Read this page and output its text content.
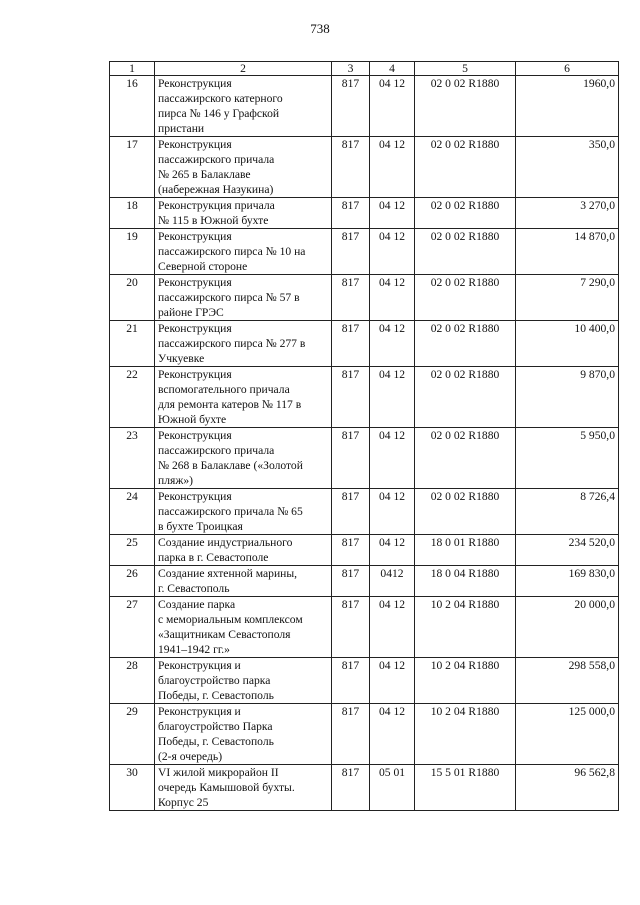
738
1	2	3	4	5	6
16	Реконструкция
пассажирского катерного
пирса № 146 у Графской
пристани	817	04 12	02 0 02 R1880	1960,0
17	Реконструкция
пассажирского причала
№ 265 в Балаклаве
(набережная Назукина)	817	04 12	02 0 02 R1880	350,0
18	Реконструкция причала
№ 115 в Южной бухте	817	04 12	02 0 02 R1880	3 270,0
19	Реконструкция
пассажирского пирса № 10 на
Северной стороне	817	04 12	02 0 02 R1880	14 870,0
20	Реконструкция
пассажирского пирса № 57 в
районе ГРЭС	817	04 12	02 0 02 R1880	7 290,0
21	Реконструкция
пассажирского пирса № 277 в
Учкуевке	817	04 12	02 0 02 R1880	10 400,0
22	Реконструкция
вспомогательного причала
для ремонта катеров № 117 в
Южной бухте	817	04 12	02 0 02 R1880	9 870,0
23	Реконструкция
пассажирского причала
№ 268 в Балаклаве («Золотой
пляж»)	817	04 12	02 0 02 R1880	5 950,0
24	Реконструкция
пассажирского причала № 65
в бухте Троицкая	817	04 12	02 0 02 R1880	8 726,4
25	Создание индустриального
парка в г. Севастополе	817	04 12	18 0 01 R1880	234 520,0
26	Создание яхтенной марины,
г. Севастополь	817	0412	18 0 04 R1880	169 830,0
27	Создание парка
с мемориальным комплексом
«Защитникам Севастополя
1941–1942 гг.»	817	04 12	10 2 04 R1880	20 000,0
28	Реконструкция и
благоустройство парка
Победы, г. Севастополь	817	04 12	10 2 04 R1880	298 558,0
29	Реконструкция и
благоустройство Парка
Победы, г. Севастополь
(2-я очередь)	817	04 12	10 2 04 R1880	125 000,0
30	VI жилой микрорайон II
очередь Камышовой бухты.
Корпус 25	817	05 01	15 5 01 R1880	96 562,8
